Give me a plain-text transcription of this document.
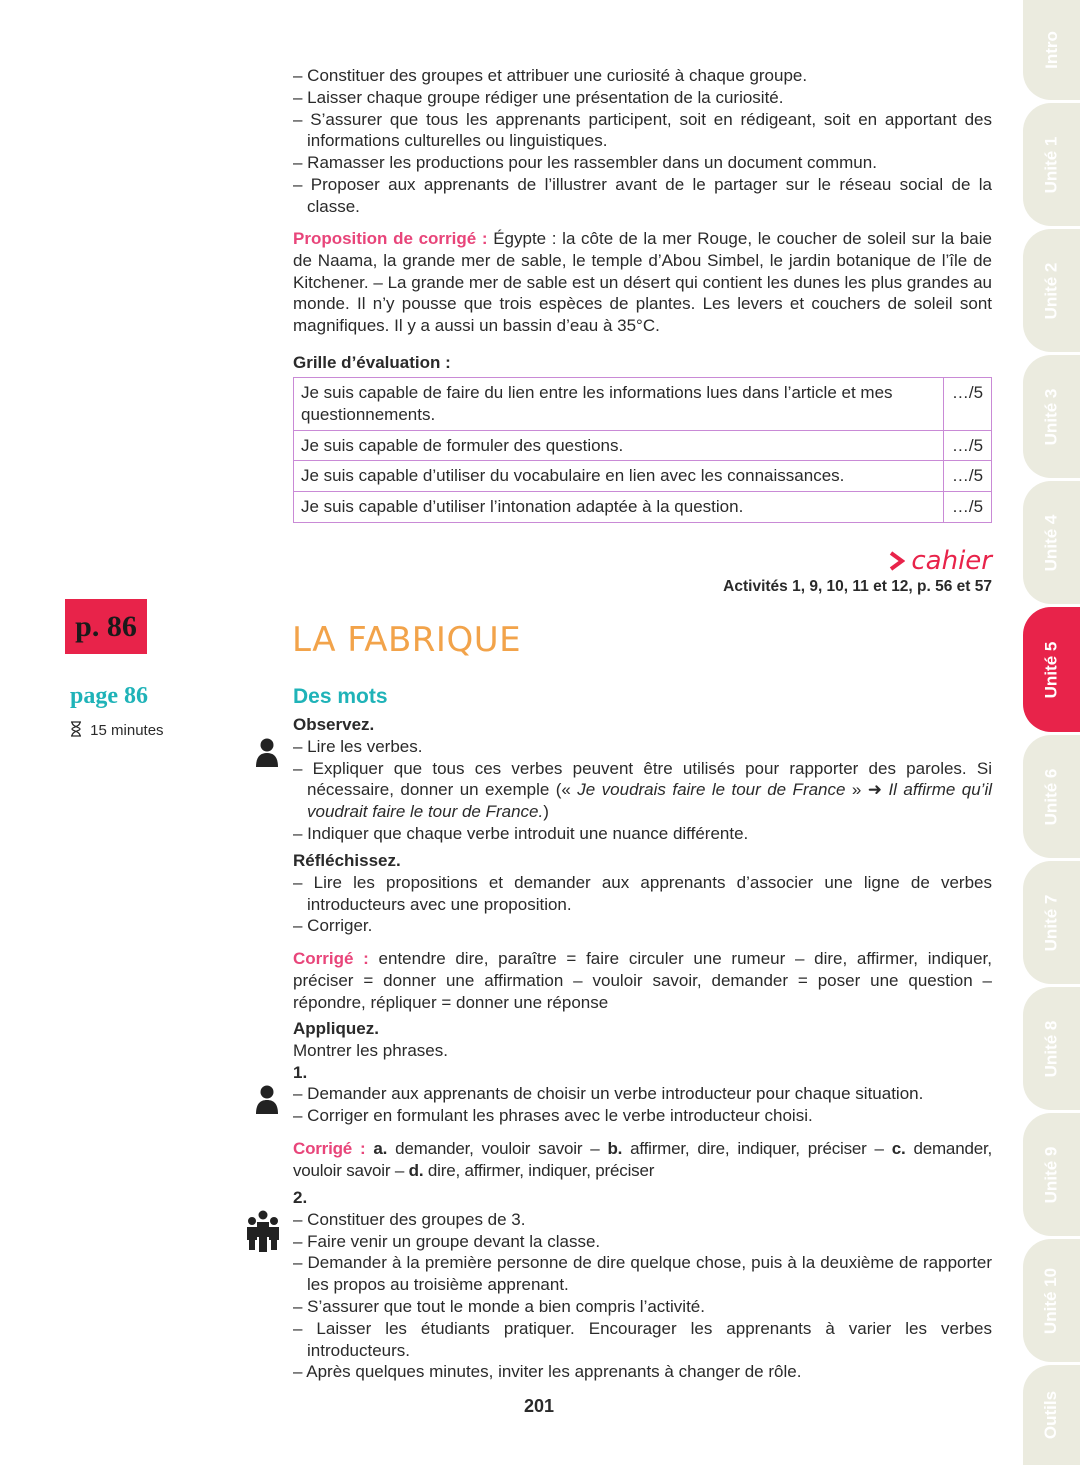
Intro
Unité 1
Unité 2
Unité 3
Unité 4
Unité 5
Unité 6
Unité 7
Unité 8
Unité 9
Unité 10
Outils
– Constituer des groupes et attribuer une curiosité à chaque groupe.
– Laisser chaque groupe rédiger une présentation de la curiosité.
– S’assurer que tous les apprenants participent, soit en rédigeant, soit en apportant des informations culturelles ou linguistiques.
– Ramasser les productions pour les rassembler dans un document commun.
– Proposer aux apprenants de l’illustrer avant de le partager sur le réseau social de la classe.
Proposition de corrigé : Égypte : la côte de la mer Rouge, le coucher de soleil sur la baie de Naama, la grande mer de sable, le temple d’Abou Simbel, le jardin botanique de l’île de Kitchener. – La grande mer de sable est un désert qui contient les dunes les plus grandes au monde. Il n’y pousse que trois espèces de plantes. Les levers et couchers de soleil sont magnifiques. Il y a aussi un bassin d’eau à 35°C.
Grille d’évaluation :
Je suis capable de faire du lien entre les informations lues dans l’article et mes questionnements.	…/5
Je suis capable de formuler des questions.	…/5
Je suis capable d’utiliser du vocabulaire en lien avec les connaissances.	…/5
Je suis capable d’utiliser l’intonation adaptée à la question.	…/5
cahier
Activités 1, 9, 10, 11 et 12, p. 56 et 57
p. 86
page 86
15 minutes
LA FABRIQUE
Des mots
Observez.
– Lire les verbes.
– Expliquer que tous ces verbes peuvent être utilisés pour rapporter des paroles. Si nécessaire, donner un exemple (« Je voudrais faire le tour de France » ➜ Il affirme qu’il voudrait faire le tour de France.)
– Indiquer que chaque verbe introduit une nuance différente.
Réfléchissez.
– Lire les propositions et demander aux apprenants d’associer une ligne de verbes introducteurs avec une proposition.
– Corriger.
Corrigé : entendre dire, paraître = faire circuler une rumeur – dire, affirmer, indiquer, préciser = donner une affirmation – vouloir savoir, demander = poser une question – répondre, répliquer = donner une réponse
Appliquez.
Montrer les phrases.
1.
– Demander aux apprenants de choisir un verbe introducteur pour chaque situation.
– Corriger en formulant les phrases avec le verbe introducteur choisi.
Corrigé : a. demander, vouloir savoir – b. affirmer, dire, indiquer, préciser – c. demander, vouloir savoir – d. dire, affirmer, indiquer, préciser
2.
– Constituer des groupes de 3.
– Faire venir un groupe devant la classe.
– Demander à la première personne de dire quelque chose, puis à la deuxième de rapporter les propos au troisième apprenant.
– S’assurer que tout le monde a bien compris l’activité.
– Laisser les étudiants pratiquer. Encourager les apprenants à varier les verbes introducteurs.
– Après quelques minutes, inviter les apprenants à changer de rôle.
201
